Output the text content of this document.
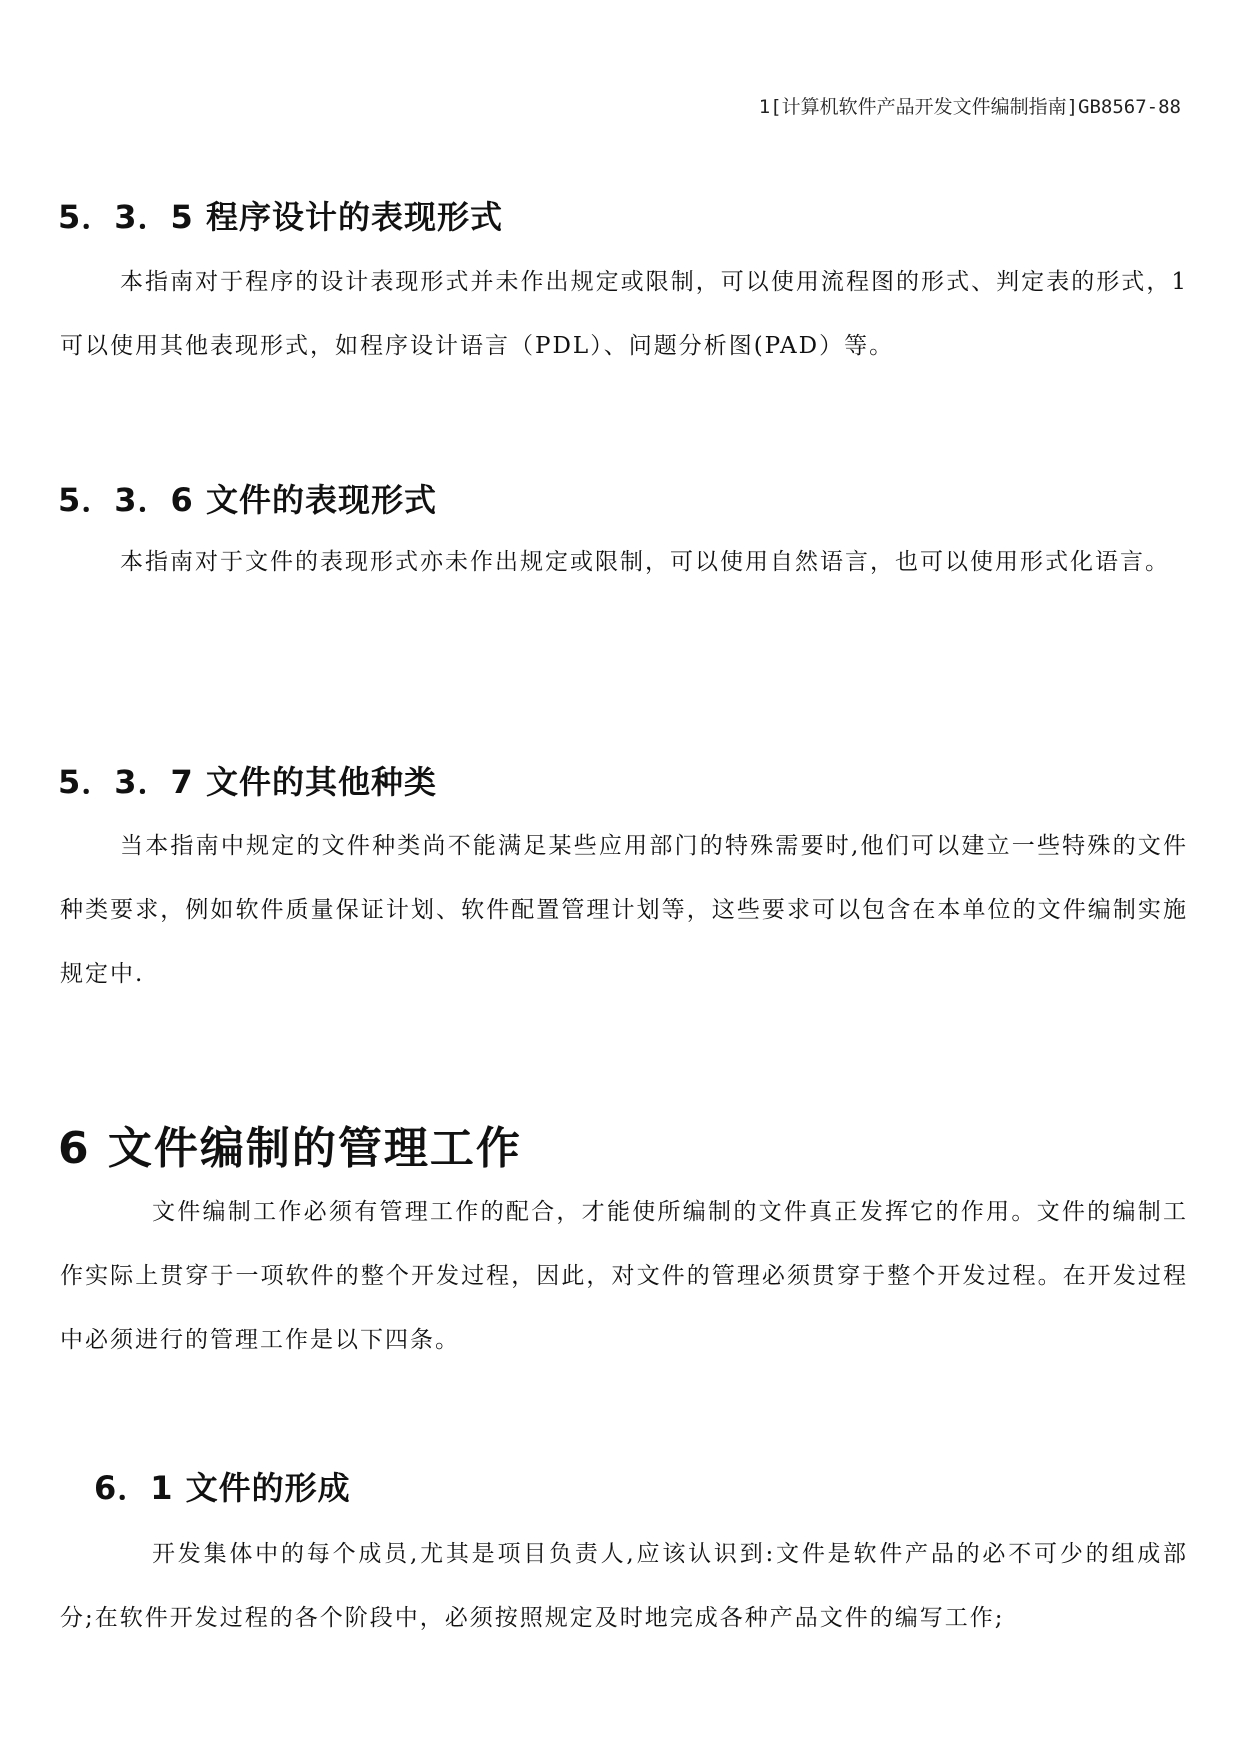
1[计算机软件产品开发文件编制指南]GB8567-88
5．3．5 程序设计的表现形式

本指南对于程序的设计表现形式并未作出规定或限制，可以使用流程图的形式、判定表的形式，1 可以使用其他表现形式，如程序设计语言（PDL）、问题分析图(PAD）等。

5．3．6 文件的表现形式

本指南对于文件的表现形式亦未作出规定或限制，可以使用自然语言，也可以使用形式化语言。

5．3．7 文件的其他种类

当本指南中规定的文件种类尚不能满足某些应用部门的特殊需要时,他们可以建立一些特殊的文件种类要求，例如软件质量保证计划、软件配置管理计划等，这些要求可以包含在本单位的文件编制实施规定中.

6 文件编制的管理工作

文件编制工作必须有管理工作的配合，才能使所编制的文件真正发挥它的作用。文件的编制工作实际上贯穿于一项软件的整个开发过程，因此，对文件的管理必须贯穿于整个开发过程。在开发过程中必须进行的管理工作是以下四条。

6．1 文件的形成

开发集体中的每个成员,尤其是项目负责人,应该认识到:文件是软件产品的必不可少的组成部分;在软件开发过程的各个阶段中，必须按照规定及时地完成各种产品文件的编写工作;
